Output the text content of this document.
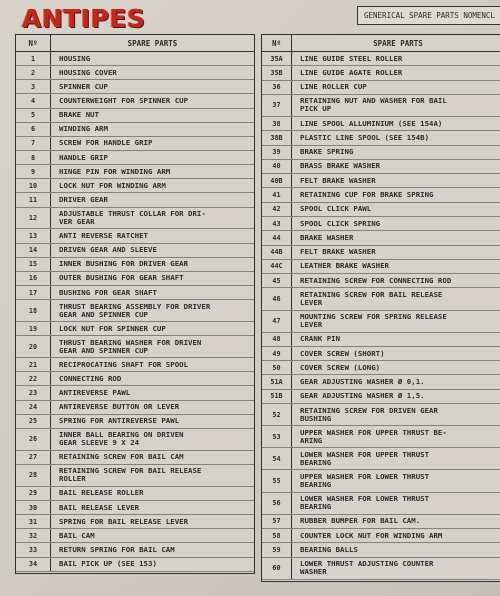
ANTIPES	GENERICAL SPARE PARTS NOMENCL
Nº	SPARE PARTS
1	HOUSING
2	HOUSING COVER
3	SPINNER CUP
4	COUNTERWEIGHT FOR SPINNER CUP
5	BRAKE NUT
6	WINDING ARM
7	SCREW FOR HANDLE GRIP
8	HANDLE GRIP
9	HINGE PIN FOR WINDING ARM
10	LOCK NUT FOR WINDING ARM
11	DRIVER GEAR
12	ADJUSTABLE THRUST COLLAR FOR DRI-
VER GEAR
13	ANTI REVERSE RATCHET
14	DRIVEN GEAR AND SLEEVE
15	INNER BUSHING FOR DRIVER GEAR
16	OUTER BUSHING FOR GEAR SHAFT
17	BUSHING FOR GEAR SHAFT
18	THRUST BEARING ASSEMBLY FOR DRIVER
GEAR AND SPINNER CUP
19	LOCK NUT FOR SPINNER CUP
20	THRUST BEARING WASHER FOR DRIVEN
GEAR AND SPINNER CUP
21	RECIPROCATING SHAFT FOR SPOOL
22	CONNECTING ROD
23	ANTIREVERSE PAWL
24	ANTIREVERSE BUTTON OR LEVER
25	SPRING FOR ANTIREVERSE PAWL
26	INNER BALL BEARING ON DRIVEN
GEAR SLEEVE 9 X 24
27	RETAINING SCREW FOR BAIL CAM
28	RETAINING SCREW FOR BAIL RELEASE
ROLLER
29	BAIL RELEASE ROLLER
30	BAIL RELEASE LEVER
31	SPRING FOR BAIL RELEASE LEVER
32	BAIL CAM
33	RETURN SPRING FOR BAIL CAM
34	BAIL PICK UP (SEE 153)
Nº	SPARE PARTS
35A	LINE GUIDE STEEL ROLLER
35B	LINE GUIDE AGATE ROLLER
36	LINE ROLLER CUP
37	RETAINING NUT AND WASHER FOR BAIL
PICK UP
38	LINE SPOOL ALLUMINIUM (SEE 154A)
38B	PLASTIC LINE SPOOL (SEE 154B)
39	BRAKE SPRING
40	BRASS BRAKE WASHER
40B	FELT BRAKE WASHER
41	RETAINING CUP FOR BRAKE SPRING
42	SPOOL CLICK PAWL
43	SPOOL CLICK SPRING
44	BRAKE WASHER
44B	FELT BRAKE WASHER
44C	LEATHER BRAKE WASHER
45	RETAINING SCREW FOR CONNECTING ROD
46	RETAINING SCREW FOR BAIL RELEASE
LEVER
47	MOUNTING SCREW FOR SPRING RELEASE
LEVER
48	CRANK PIN
49	COVER SCREW (SHORT)
50	COVER SCREW (LONG)
51A	GEAR ADJUSTING WASHER Ø 0,1.
51B	GEAR ADJUSTING WASHER Ø 1,5.
52	RETAINING SCREW FOR DRIVEN GEAR
BUSHING
53	UPPER WASHER FOR UPPER THRUST BE-
ARING
54	LOWER WASHER FOR UPPER THRUST
BEARING
55	UPPER WASHER FOR LOWER THRUST
BEARING
56	LOWER WASHER FOR LOWER THRUST
BEARING
57	RUBBER BUMPER FOR BAIL CAM.
58	COUNTER LOCK NUT FOR WINDING ARM
59	BEARING BALLS
60	LOWER THRUST ADJUSTING COUNTER
WASHER
